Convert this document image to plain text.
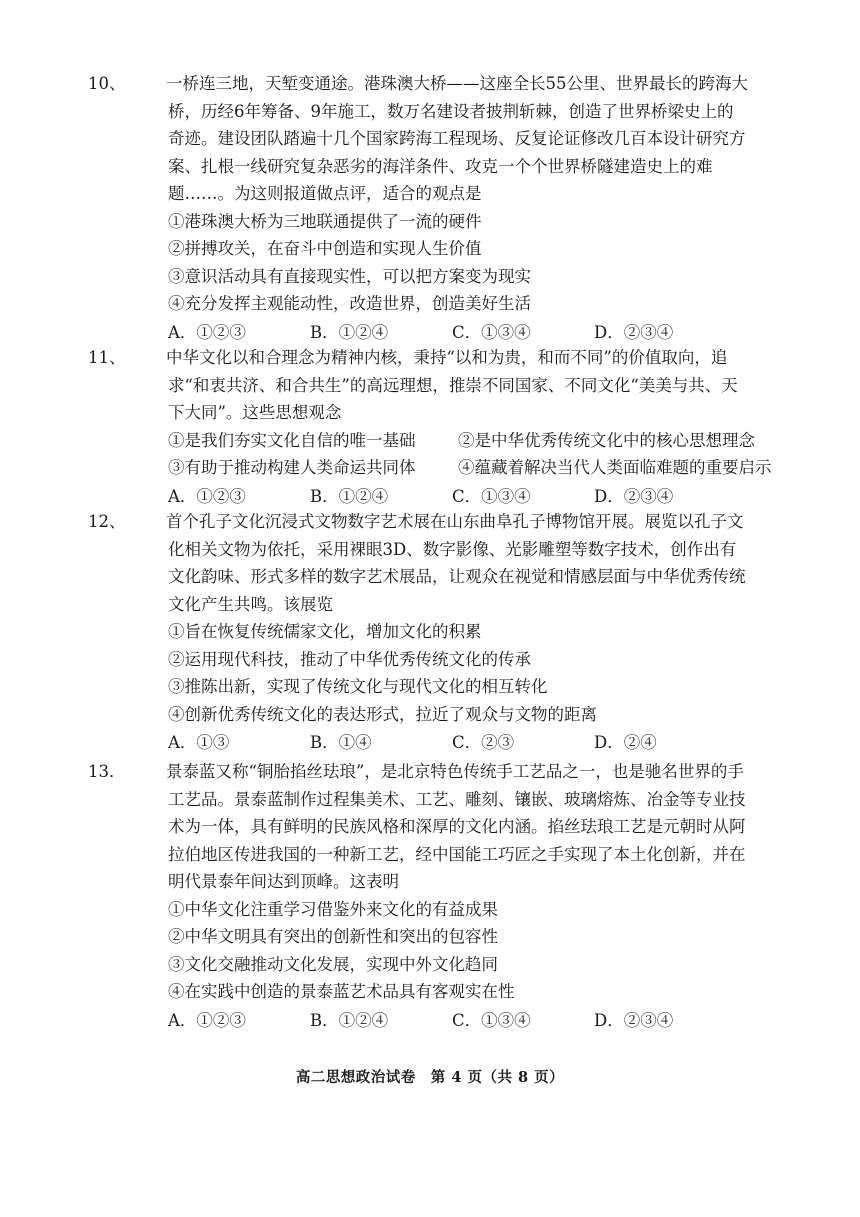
10、 一桥连三地，天堑变通途。港珠澳大桥——这座全长55公里、世界最长的跨海大桥，历经6年筹备、9年施工，数万名建设者披荆斩棘，创造了世界桥梁史上的奇迹。建设团队踏遍十几个国家跨海工程现场、反复论证修改几百本设计研究方案、扎根一线研究复杂恶劣的海洋条件、攻克一个个世界桥隧建造史上的难题……。为这则报道做点评，适合的观点是
①港珠澳大桥为三地联通提供了一流的硬件
②拼搏攻关，在奋斗中创造和实现人生价值
③意识活动具有直接现实性，可以把方案变为现实
④充分发挥主观能动性，改造世界，创造美好生活
A．①②③	B．①②④	C．①③④	D．②③④
11、 中华文化以和合理念为精神内核，秉持“以和为贵，和而不同”的价值取向，追求“和衷共济、和合共生”的高远理想，推崇不同国家、不同文化“美美与共、天下大同”。这些思想观念
①是我们夯实文化自信的唯一基础	②是中华优秀传统文化中的核心思想理念
③有助于推动构建人类命运共同体	④蕴藏着解决当代人类面临难题的重要启示
A．①②③	B．①②④	C．①③④	D．②③④
12、 首个孔子文化沉浸式文物数字艺术展在山东曲阜孔子博物馆开展。展览以孔子文化相关文物为依托，采用裸眼3D、数字影像、光影雕塑等数字技术，创作出有文化韵味、形式多样的数字艺术展品，让观众在视觉和情感层面与中华优秀传统文化产生共鸣。该展览
①旨在恢复传统儒家文化，增加文化的积累
②运用现代科技，推动了中华优秀传统文化的传承
③推陈出新，实现了传统文化与现代文化的相互转化
④创新优秀传统文化的表达形式，拉近了观众与文物的距离
A．①③	B．①④	C．②③	D．②④
13． 景泰蓝又称“铜胎掐丝珐琅”，是北京特色传统手工艺品之一，也是驰名世界的手工艺品。景泰蓝制作过程集美术、工艺、雕刻、镶嵌、玻璃熔炼、冶金等专业技术为一体，具有鲜明的民族风格和深厚的文化内涵。掐丝珐琅工艺是元朝时从阿拉伯地区传进我国的一种新工艺，经中国能工巧匠之手实现了本土化创新，并在明代景泰年间达到顶峰。这表明
①中华文化注重学习借鉴外来文化的有益成果
②中华文明具有突出的创新性和突出的包容性
③文化交融推动文化发展，实现中外文化趋同
④在实践中创造的景泰蓝艺术品具有客观实在性
A．①②③	B．①②④	C．①③④	D．②③④
高二思想政治试卷　第 4 页（共 8 页）
